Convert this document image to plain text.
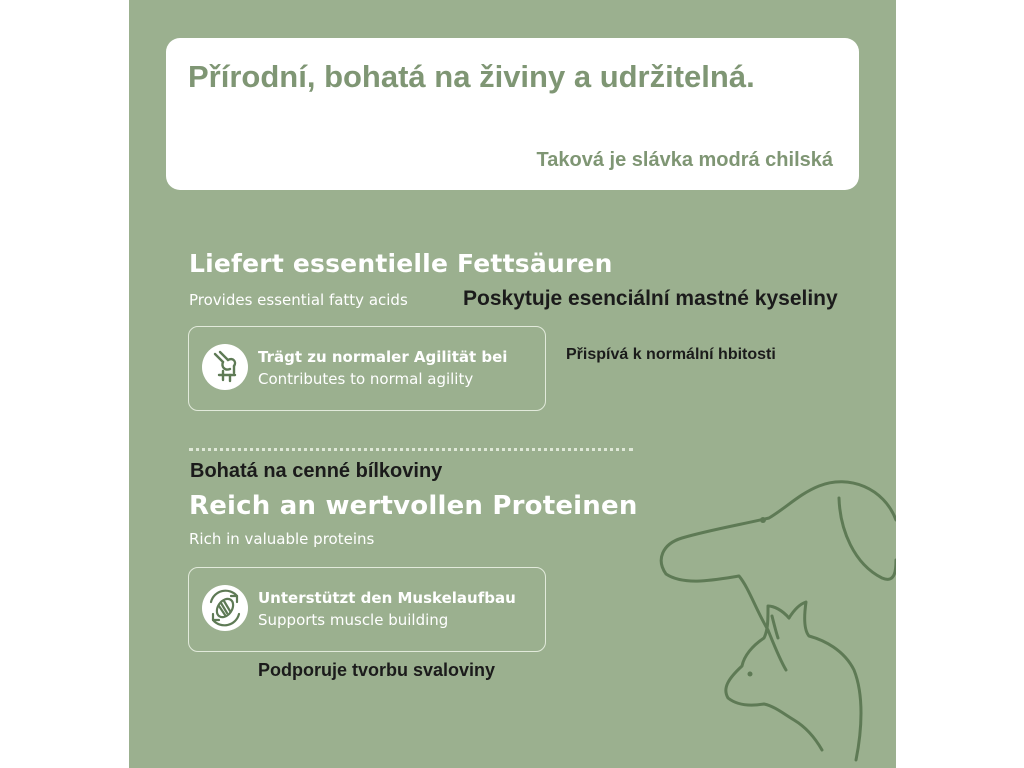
Přírodní, bohatá na živiny a udržitelná.

Taková je slávka modrá chilská

Liefert essentielle Fettsäuren

Provides essential fatty acids	Poskytuje esenciální mastné kyseliny

Trägt zu normaler Agilität bei
Contributes to normal agility

Přispívá k normální hbitosti

Bohatá na cenné bílkoviny

Reich an wertvollen Proteinen

Rich in valuable proteins

Unterstützt den Muskelaufbau
Supports muscle building

Podporuje tvorbu svaloviny
